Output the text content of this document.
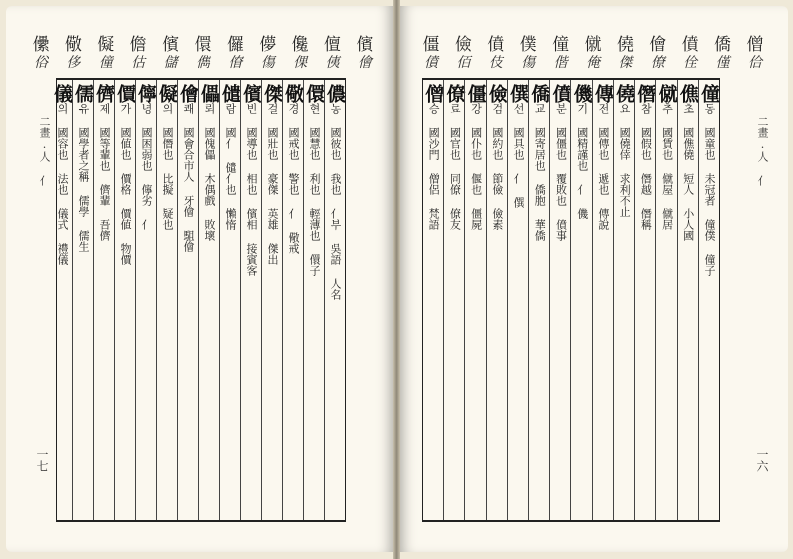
儐
儈
儃
侇
儳
倮
儚
傷
儸
傄
儇
儁
儐
儲
儋
估
儗
僮
儆
侈
儽
俗
二畫.人 亻
一七
儂농 國彼也 我也 亻부 吳語 人名
儇현 國慧也 利也 輕薄也 儇子
儆경 國戒也 警也 亻 儆戒
傑걸 國壯也 豪傑 英雄 傑出
儐빈 國導也 相也 儐相 接賓客
儙람 國亻 儙亻也 懶惰
儡뢰 國傀儡 木偶戲 敗壞
儈쾌 國會合市人 牙儈 駔儈
儗의 國僭也 比擬 疑也
儜녕 國困弱也 儜劣 亻
價가 國値也 價格 價値 物價
儕제 國等輩也 儕輩 吾儕
儒유 國學者之稱 儒學 儒生
儀의 國容也 法也 儀式 禮儀
僧
佮
僑
僅
僨
佺
儈
僚
僥
傑
僦
俺
僮
偕
僕
傷
僨
伎
儉
佰
僵
僨
二畫.人 亻
一六
僮동 國童也 未冠者 僮僕 僮子
僬초 國僬僥 短人 小人國
僦추 國賃也 僦屋 僦居
僭참 國假也 僭越 僭稱
僥요 國僥倖 求利不止
傳전 國傳也 遞也 傳說
僟기 國精謹也 亻 僟
僨분 國僵也 覆敗也 僨事
僑교 國寄居也 僑胞 華僑
僎선 國具也 亻 僎
儉검 國約也 節儉 儉素
僵강 國仆也 偃也 僵屍
僚료 國官也 同僚 僚友
僧승 國沙門 僧侶 梵語
